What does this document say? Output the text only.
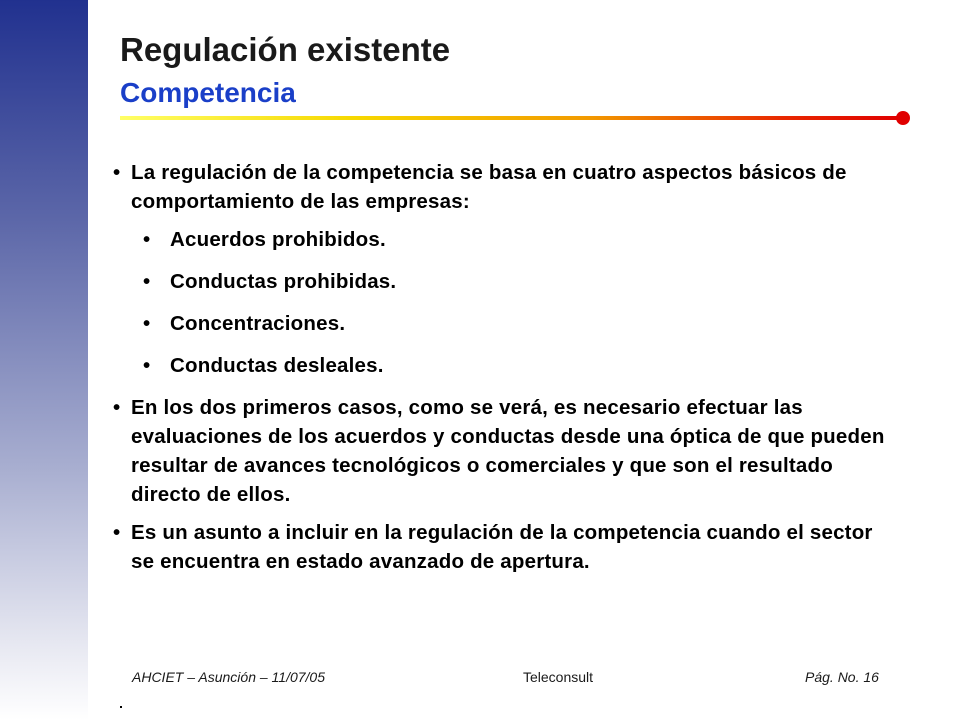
Regulación existente
Competencia
• La regulación de la competencia se basa en cuatro aspectos básicos de comportamiento de las empresas:
• Acuerdos prohibidos.
• Conductas prohibidas.
• Concentraciones.
• Conductas desleales.
• En los dos primeros casos, como se verá, es necesario efectuar las evaluaciones de los acuerdos y conductas desde una óptica de que pueden resultar de avances tecnológicos o comerciales y que son el resultado directo de ellos.
• Es un asunto a incluir en la regulación de la competencia cuando el sector se encuentra en estado avanzado de apertura.
AHCIET – Asunción – 11/07/05	Teleconsult	Pág. No. 16
